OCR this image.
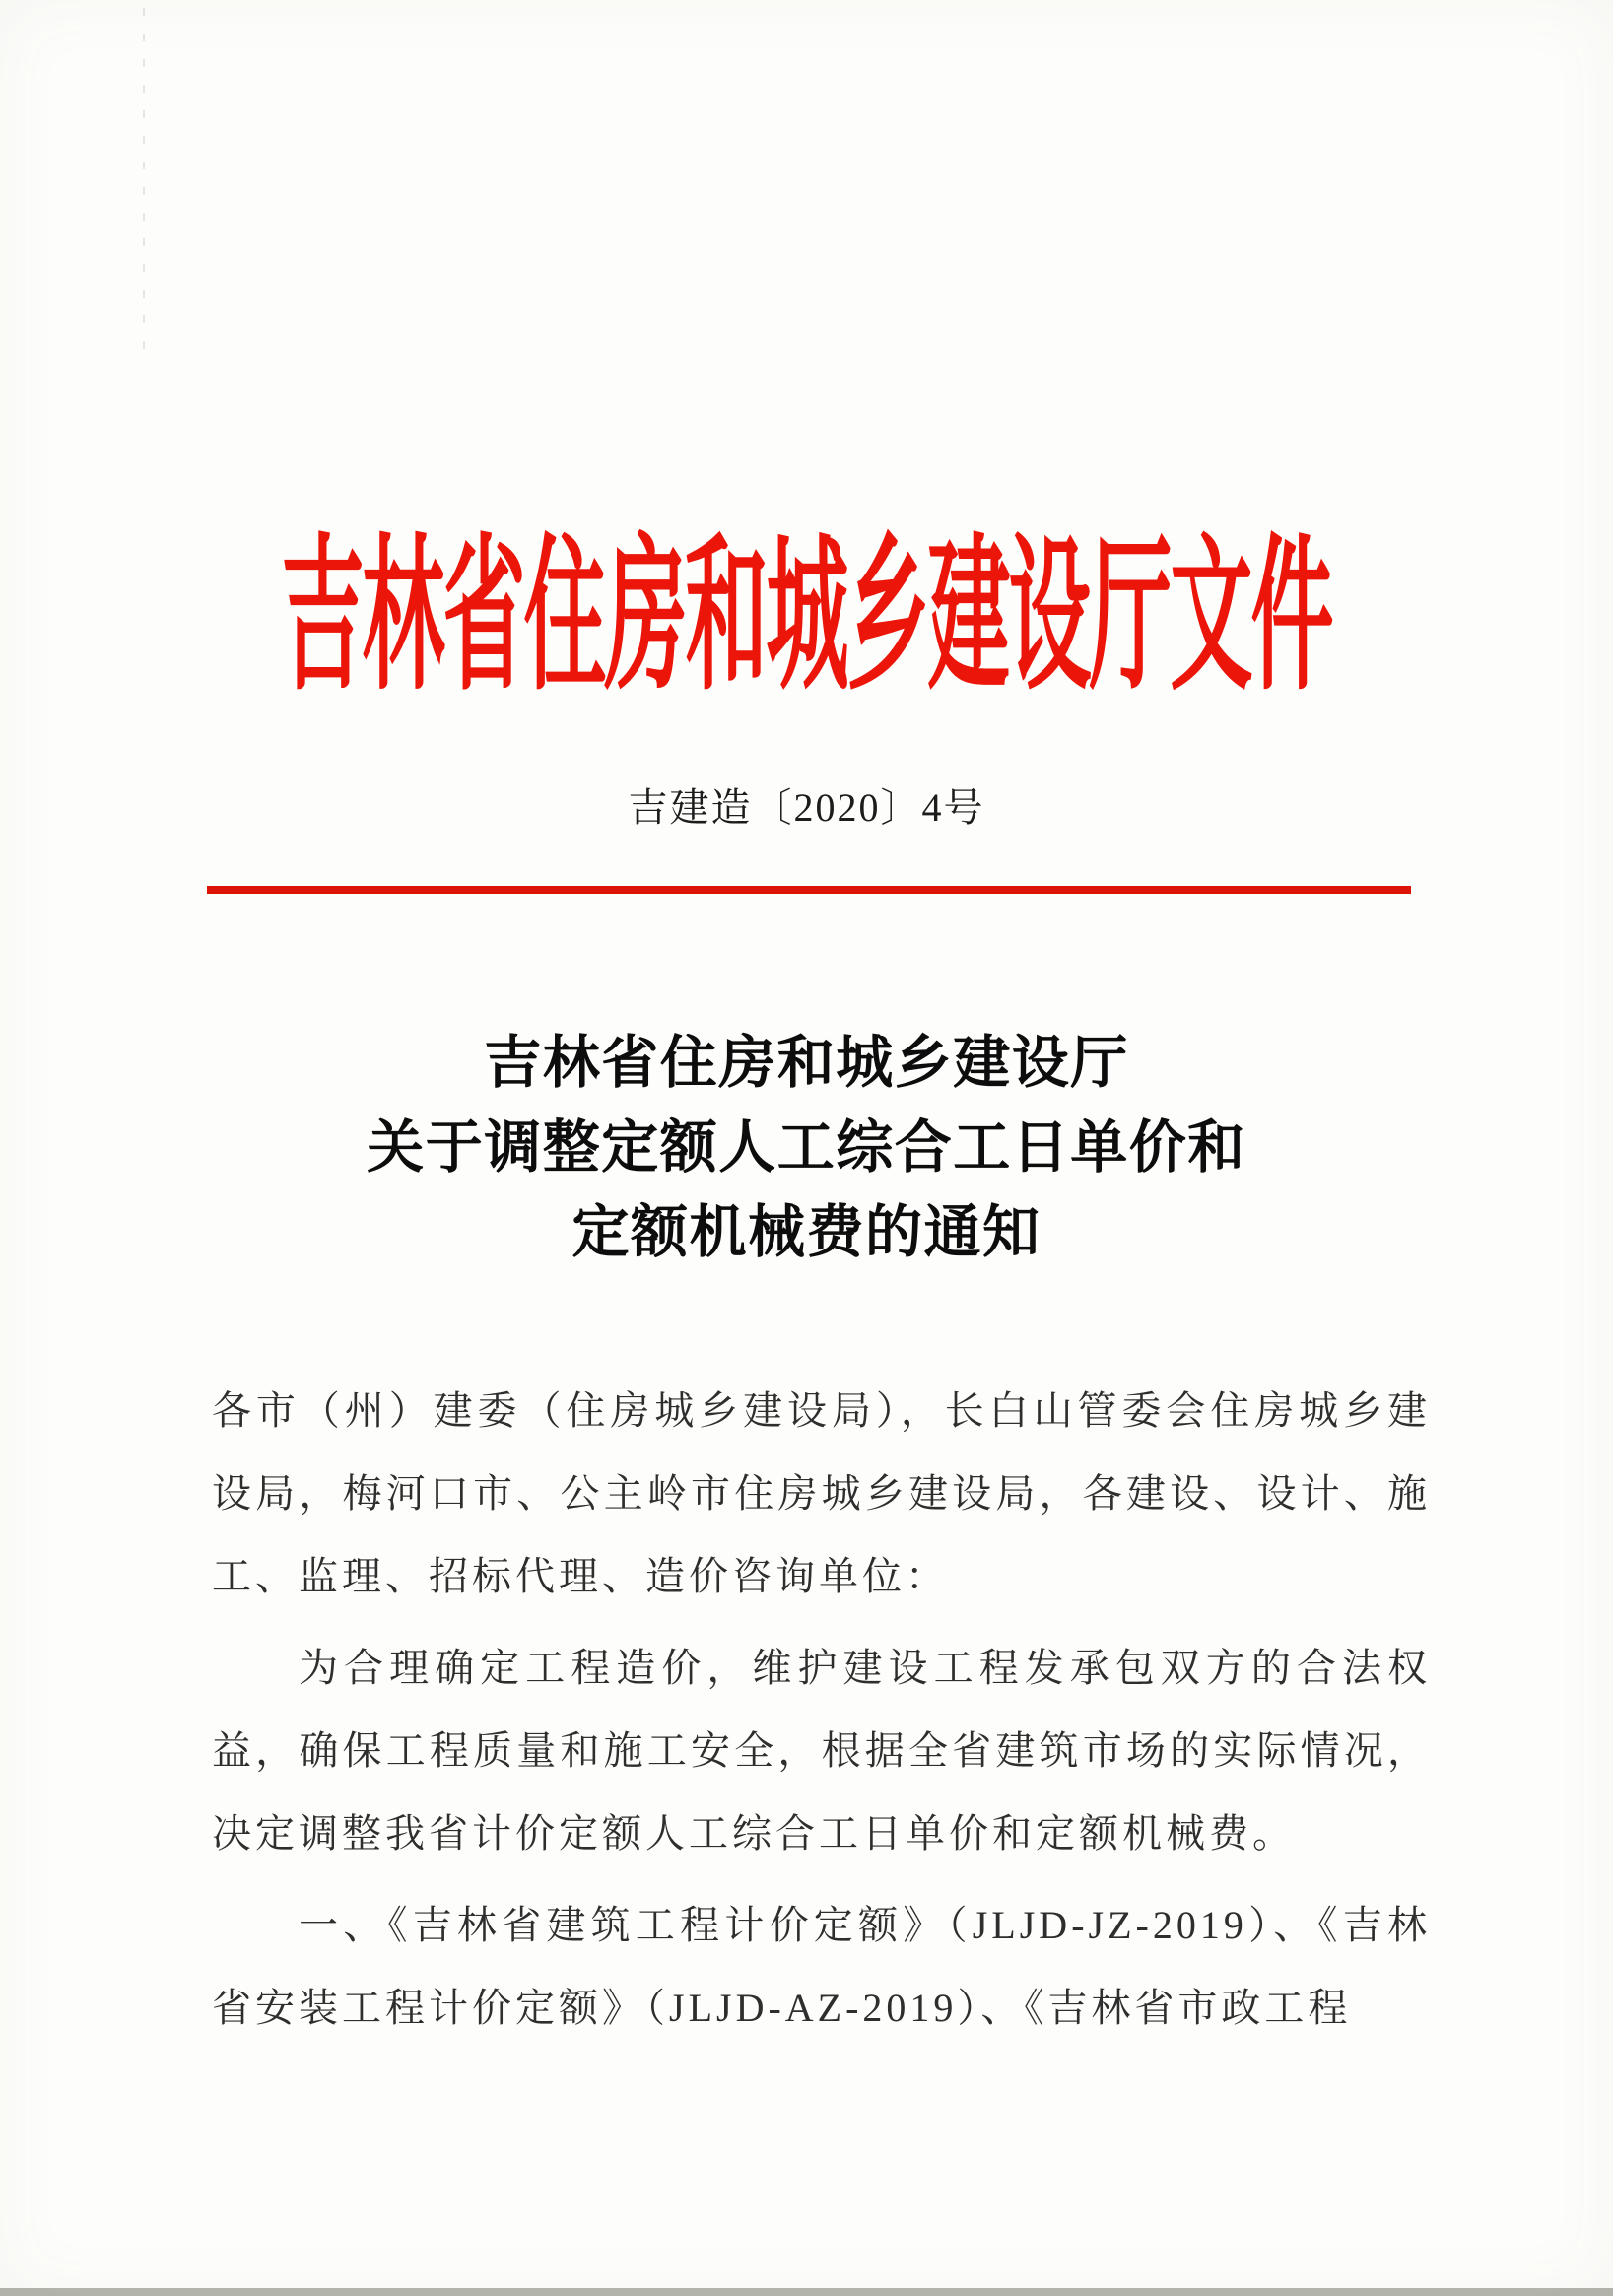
吉林省住房和城乡建设厅文件
吉建造〔2020〕4号
吉林省住房和城乡建设厅
关于调整定额人工综合工日单价和
定额机械费的通知

各市（州）建委（住房城乡建设局），长白山管委会住房城乡建设局，梅河口市、公主岭市住房城乡建设局，各建设、设计、施工、监理、招标代理、造价咨询单位：

为合理确定工程造价，维护建设工程发承包双方的合法权益，确保工程质量和施工安全，根据全省建筑市场的实际情况，决定调整我省计价定额人工综合工日单价和定额机械费。

一、《吉林省建筑工程计价定额》（JLJD-JZ-2019）、《吉林省安装工程计价定额》（JLJD-AZ-2019）、《吉林省市政工程
